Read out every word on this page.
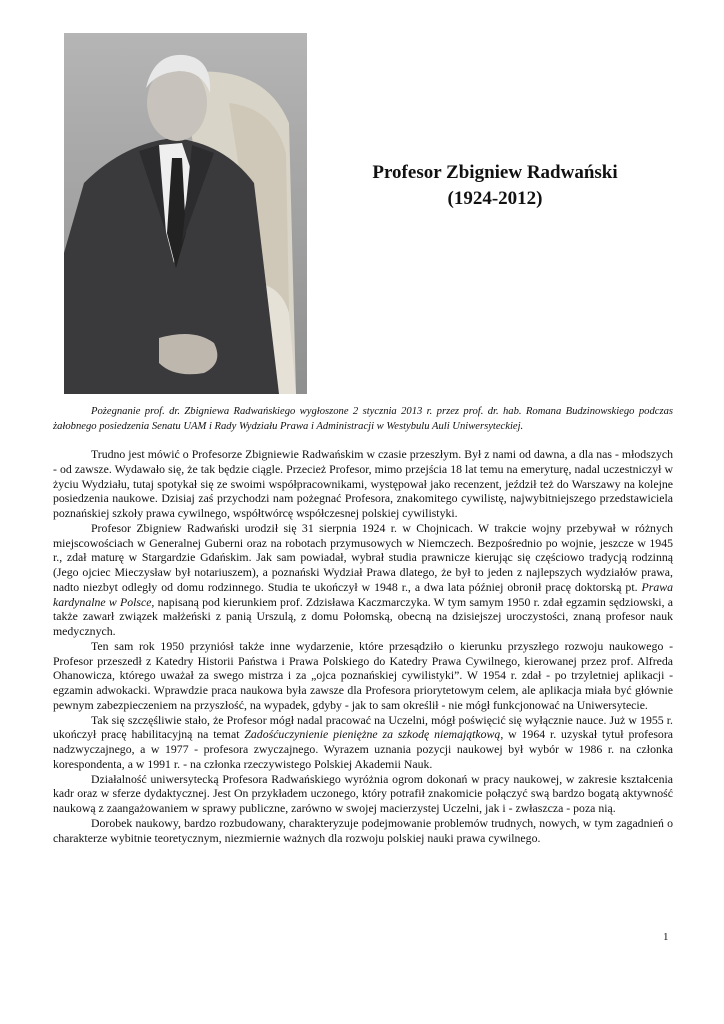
Profesor Zbigniew Radwański
(1924-2012)
Pożegnanie prof. dr. Zbigniewa Radwańskiego wygłoszone 2 stycznia 2013 r. przez prof. dr. hab. Romana Budzinowskiego podczas żałobnego posiedzenia Senatu UAM i Rady Wydziału Prawa i Administracji w Westybulu Auli Uniwersyteckiej.

Trudno jest mówić o Profesorze Zbigniewie Radwańskim w czasie przeszłym. Był z nami od dawna, a dla nas - młodszych - od zawsze. Wydawało się, że tak będzie ciągle. Przecież Profesor, mimo przejścia 18 lat temu na emeryturę, nadal uczestniczył w życiu Wydziału, tutaj spotykał się ze swoimi współpracownikami, występował jako recenzent, jeździł też do Warszawy na kolejne posiedzenia naukowe. Dzisiaj zaś przychodzi nam pożegnać Profesora, znakomitego cywilistę, najwybitniejszego przedstawiciela poznańskiej szkoły prawa cywilnego, współtwórcę współczesnej polskiej cywilistyki.

Profesor Zbigniew Radwański urodził się 31 sierpnia 1924 r. w Chojnicach. W trakcie wojny przebywał w różnych miejscowościach w Generalnej Guberni oraz na robotach przymusowych w Niemczech. Bezpośrednio po wojnie, jeszcze w 1945 r., zdał maturę w Stargardzie Gdańskim. Jak sam powiadał, wybrał studia prawnicze kierując się częściowo tradycją rodzinną (Jego ojciec Mieczysław był notariuszem), a poznański Wydział Prawa dlatego, że był to jeden z najlepszych wydziałów prawa, nadto niezbyt odległy od domu rodzinnego. Studia te ukończył w 1948 r., a dwa lata później obronił pracę doktorską pt. Prawa kardynalne w Polsce, napisaną pod kierunkiem prof. Zdzisława Kaczmarczyka. W tym samym 1950 r. zdał egzamin sędziowski, a także zawarł związek małżeński z panią Urszulą, z domu Połomską, obecną na dzisiejszej uroczystości, znaną profesor nauk medycznych.

Ten sam rok 1950 przyniósł także inne wydarzenie, które przesądziło o kierunku przyszłego rozwoju naukowego - Profesor przeszedł z Katedry Historii Państwa i Prawa Polskiego do Katedry Prawa Cywilnego, kierowanej przez prof. Alfreda Ohanowicza, którego uważał za swego mistrza i za „ojca poznańskiej cywilistyki”. W 1954 r. zdał - po trzyletniej aplikacji - egzamin adwokacki. Wprawdzie praca naukowa była zawsze dla Profesora priorytetowym celem, ale aplikacja miała być głównie pewnym zabezpieczeniem na przyszłość, na wypadek, gdyby - jak to sam określił - nie mógł funkcjonować na Uniwersytecie.

Tak się szczęśliwie stało, że Profesor mógł nadal pracować na Uczelni, mógł poświęcić się wyłącznie nauce. Już w 1955 r. ukończył pracę habilitacyjną na temat Zadośćuczynienie pieniężne za szkodę niemajątkową, w 1964 r. uzyskał tytuł profesora nadzwyczajnego, a w 1977 - profesora zwyczajnego. Wyrazem uznania pozycji naukowej był wybór w 1986 r. na członka korespondenta, a w 1991 r. - na członka rzeczywistego Polskiej Akademii Nauk.

Działalność uniwersytecką Profesora Radwańskiego wyróżnia ogrom dokonań w pracy naukowej, w zakresie kształcenia kadr oraz w sferze dydaktycznej. Jest On przykładem uczonego, który potrafił znakomicie połączyć swą bardzo bogatą aktywność naukową z zaangażowaniem w sprawy publiczne, zarówno w swojej macierzystej Uczelni, jak i - zwłaszcza - poza nią.

Dorobek naukowy, bardzo rozbudowany, charakteryzuje podejmowanie problemów trudnych, nowych, w tym zagadnień o charakterze wybitnie teoretycznym, niezmiernie ważnych dla rozwoju polskiej nauki prawa cywilnego.

1
